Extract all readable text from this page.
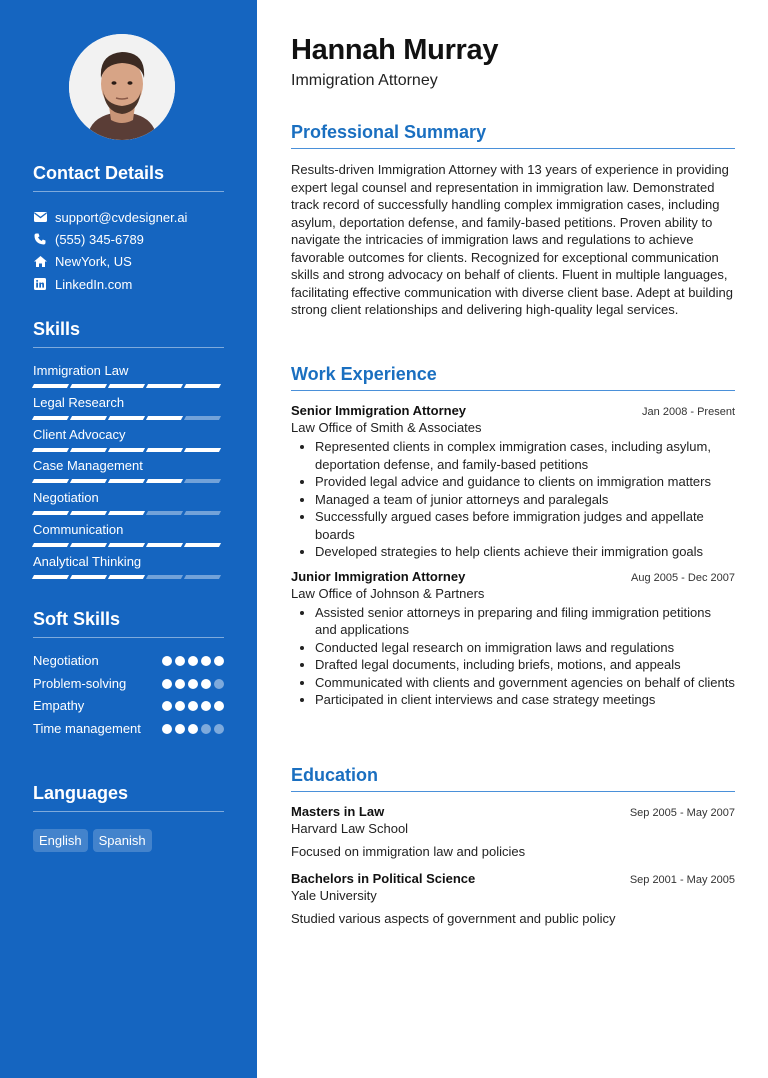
Contact Details
support@cvdesigner.ai
(555) 345-6789
NewYork, US
LinkedIn.com
Skills
Immigration Law
Legal Research
Client Advocacy
Case Management
Negotiation
Communication
Analytical Thinking
Soft Skills
Negotiation
Problem-solving
Empathy
Time management
Languages
English	Spanish
Hannah Murray
Immigration Attorney
Professional Summary

Results-driven Immigration Attorney with 13 years of experience in providing expert legal counsel and representation in immigration law. Demonstrated track record of successfully handling complex immigration cases, including asylum, deportation defense, and family-based petitions. Proven ability to navigate the intricacies of immigration laws and regulations to achieve favorable outcomes for clients. Recognized for exceptional communication skills and strong advocacy on behalf of clients. Fluent in multiple languages, facilitating effective communication with diverse client base. Adept at building strong client relationships and delivering high-quality legal services.

Work Experience
Senior Immigration Attorney	Jan 2008 - Present
Law Office of Smith & Associates
• Represented clients in complex immigration cases, including asylum, deportation defense, and family-based petitions
• Provided legal advice and guidance to clients on immigration matters
• Managed a team of junior attorneys and paralegals
• Successfully argued cases before immigration judges and appellate boards
• Developed strategies to help clients achieve their immigration goals
Junior Immigration Attorney	Aug 2005 - Dec 2007
Law Office of Johnson & Partners
• Assisted senior attorneys in preparing and filing immigration petitions and applications
• Conducted legal research on immigration laws and regulations
• Drafted legal documents, including briefs, motions, and appeals
• Communicated with clients and government agencies on behalf of clients
• Participated in client interviews and case strategy meetings
Education
Masters in Law	Sep 2005 - May 2007
Harvard Law School
Focused on immigration law and policies
Bachelors in Political Science	Sep 2001 - May 2005
Yale University
Studied various aspects of government and public policy
